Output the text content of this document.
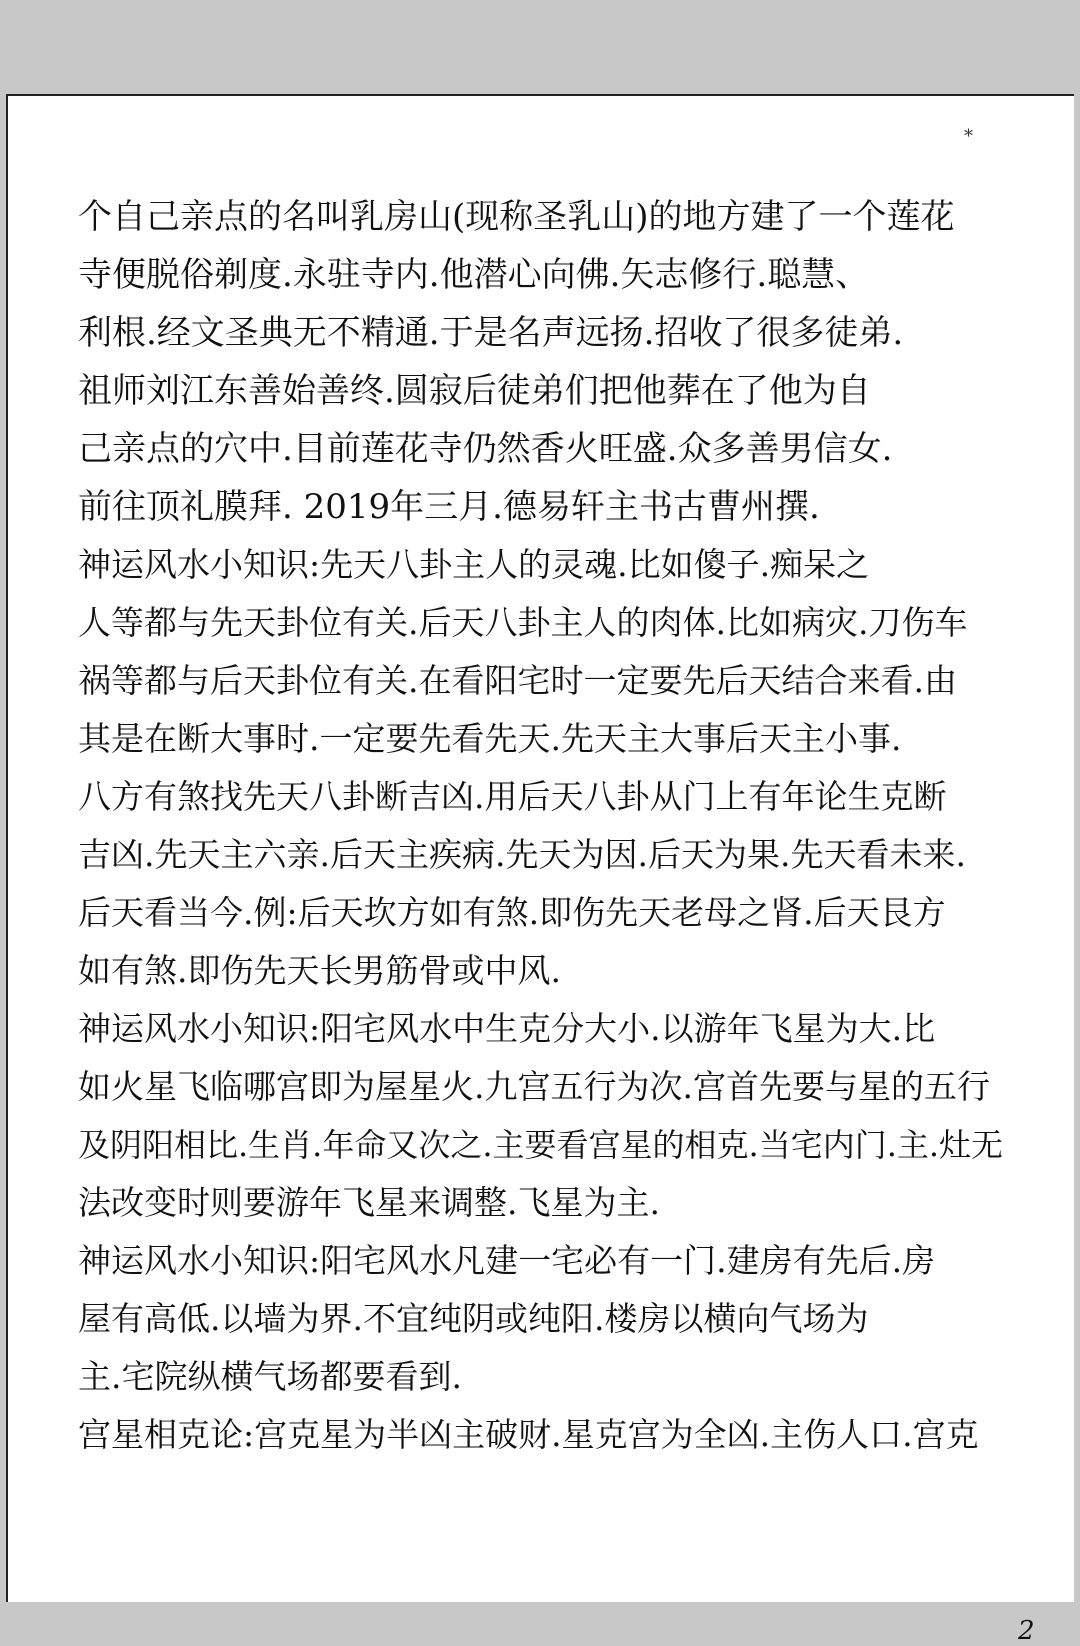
*
个自己亲点的名叫乳房山(现称圣乳山)的地方建了一个莲花
寺便脱俗剃度.永驻寺内.他潜心向佛.矢志修行.聪慧、
利根.经文圣典无不精通.于是名声远扬.招收了很多徒弟.
祖师刘江东善始善终.圆寂后徒弟们把他葬在了他为自
己亲点的穴中.目前莲花寺仍然香火旺盛.众多善男信女.
前往顶礼膜拜. 2019年三月.德易轩主书古曹州撰.
神运风水小知识:先天八卦主人的灵魂.比如傻子.痴呆之
人等都与先天卦位有关.后天八卦主人的肉体.比如病灾.刀伤车
祸等都与后天卦位有关.在看阳宅时一定要先后天结合来看.由
其是在断大事时.一定要先看先天.先天主大事后天主小事.
八方有煞找先天八卦断吉凶.用后天八卦从门上有年论生克断
吉凶.先天主六亲.后天主疾病.先天为因.后天为果.先天看未来.
后天看当今.例:后天坎方如有煞.即伤先天老母之肾.后天艮方
如有煞.即伤先天长男筋骨或中风.
神运风水小知识:阳宅风水中生克分大小.以游年飞星为大.比
如火星飞临哪宫即为屋星火.九宫五行为次.宫首先要与星的五行
及阴阳相比.生肖.年命又次之.主要看宫星的相克.当宅内门.主.灶无
法改变时则要游年飞星来调整.飞星为主.
神运风水小知识:阳宅风水凡建一宅必有一门.建房有先后.房
屋有高低.以墙为界.不宜纯阴或纯阳.楼房以横向气场为
主.宅院纵横气场都要看到.
宫星相克论:宫克星为半凶主破财.星克宫为全凶.主伤人口.宫克
2
